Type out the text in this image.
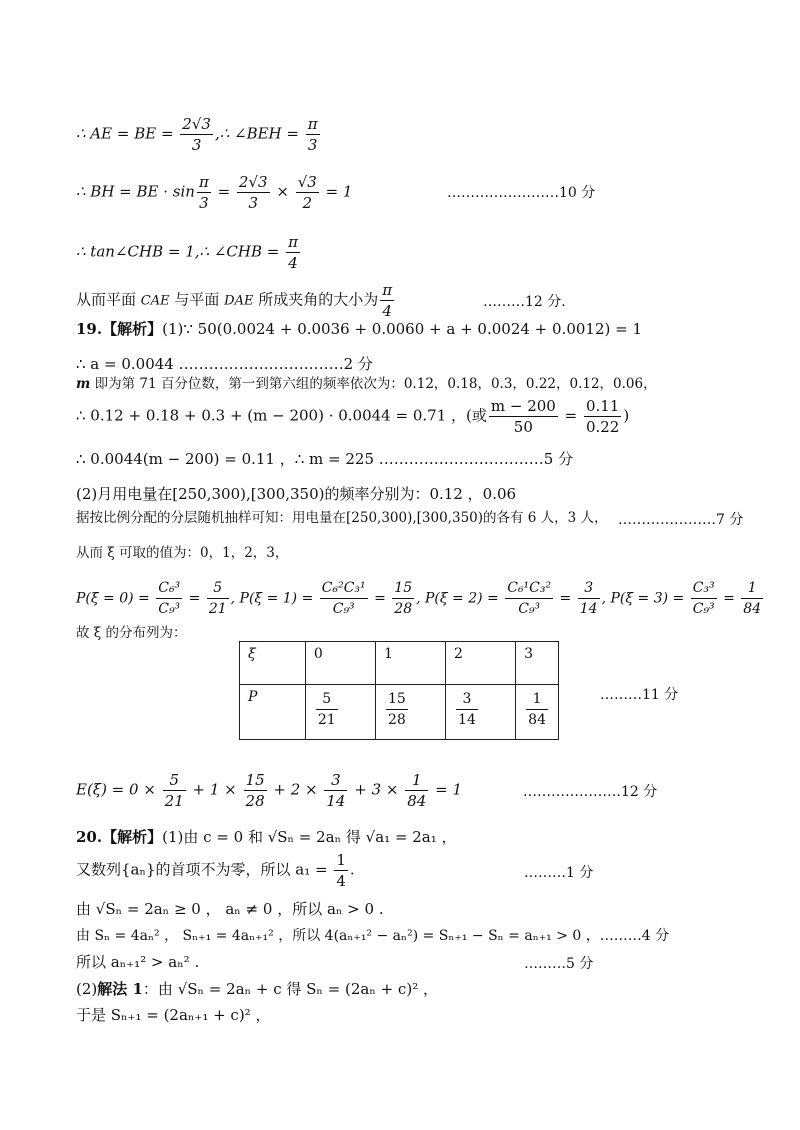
∴ AE = BE = $\frac{2√3}{3}$ ,∴ ∠BEH = $\frac{\pi}{3}$
∴ BH = BE · $\sin \frac{\pi}{3} = \frac{2√3}{3} \times \frac{√3}{2} = 1$	……………………10 分
∴ tan∠CHB = 1,∴ ∠CHB = $\frac{\pi}{4}$
从而平面 CAE 与平面 DAE 所成夹角的大小为 $\frac{\pi}{4}$	………12 分.
19.【解析】(1)∵ 50(0.0024 + 0.0036 + 0.0060 + a + 0.0024 + 0.0012) = 1
∴ a = 0.0044 ……………………………2 分
m 即为第 71 百分位数，第一到第六组的频率依次为：0.12，0.18，0.3，0.22，0.12，0.06，
∴ 0.12 + 0.18 + 0.3 + (m − 200) · 0.0044 = 0.71 ，(或 $\frac{m - 200}{50} = \frac{0.11}{0.22}$ )
∴ 0.0044(m − 200) = 0.11 ，∴ m = 225 ……………………………5 分
(2)月用电量在[250,300),[300,350)的频率分别为：0.12 ，0.06
据按比例分配的分层随机抽样可知：用电量在[250,300),[300,350)的各有 6 人，3 人， …………………7 分
从而 ξ 可取的值为：0，1，2，3，
$P(\xi = 0) = \frac{\text{C₆³}}{\text{C₉³}} = \frac{5}{21}$ , $P(\xi = 1) = \frac{\text{C₆²C₃¹}}{\text{C₉³}} = \frac{15}{28}$ , $P(\xi = 2) = \frac{\text{C₆¹C₃²}}{\text{C₉³}} = \frac{3}{14}$ , $P(\xi = 3) = \frac{\text{C₃³}}{\text{C₉³}} = \frac{1}{84}$
故 ξ 的分布列为：
ξ	0	1	2	3
P	$\frac{5}{21}$	$\frac{15}{28}$	$\frac{3}{14}$	$\frac{1}{84}$	………11 分
$E(\xi) = 0 \times \frac{5}{21} + 1 \times \frac{15}{28} + 2 \times \frac{3}{14} + 3 \times \frac{1}{84} = 1$	…………………12 分
20.【解析】(1)由 c = 0 和 √Sₙ = 2aₙ 得 √a₁ = 2a₁ ，
又数列{aₙ}的首项不为零，所以 $a_1 = \frac{1}{4}$ .	………1 分
由 √Sₙ = 2aₙ ≥ 0 ， aₙ ≠ 0 ，所以 aₙ > 0 .
由 Sₙ = 4aₙ² ， Sₙ₊₁ = 4aₙ₊₁² ，所以 4(aₙ₊₁² − aₙ²) = Sₙ₊₁ − Sₙ = aₙ₊₁ > 0 ，………4 分
所以 aₙ₊₁² > aₙ² .	………5 分
(2)解法 1：由 √Sₙ = 2aₙ + c 得 Sₙ = (2aₙ + c)² ，
于是 Sₙ₊₁ = (2aₙ₊₁ + c)² ，
